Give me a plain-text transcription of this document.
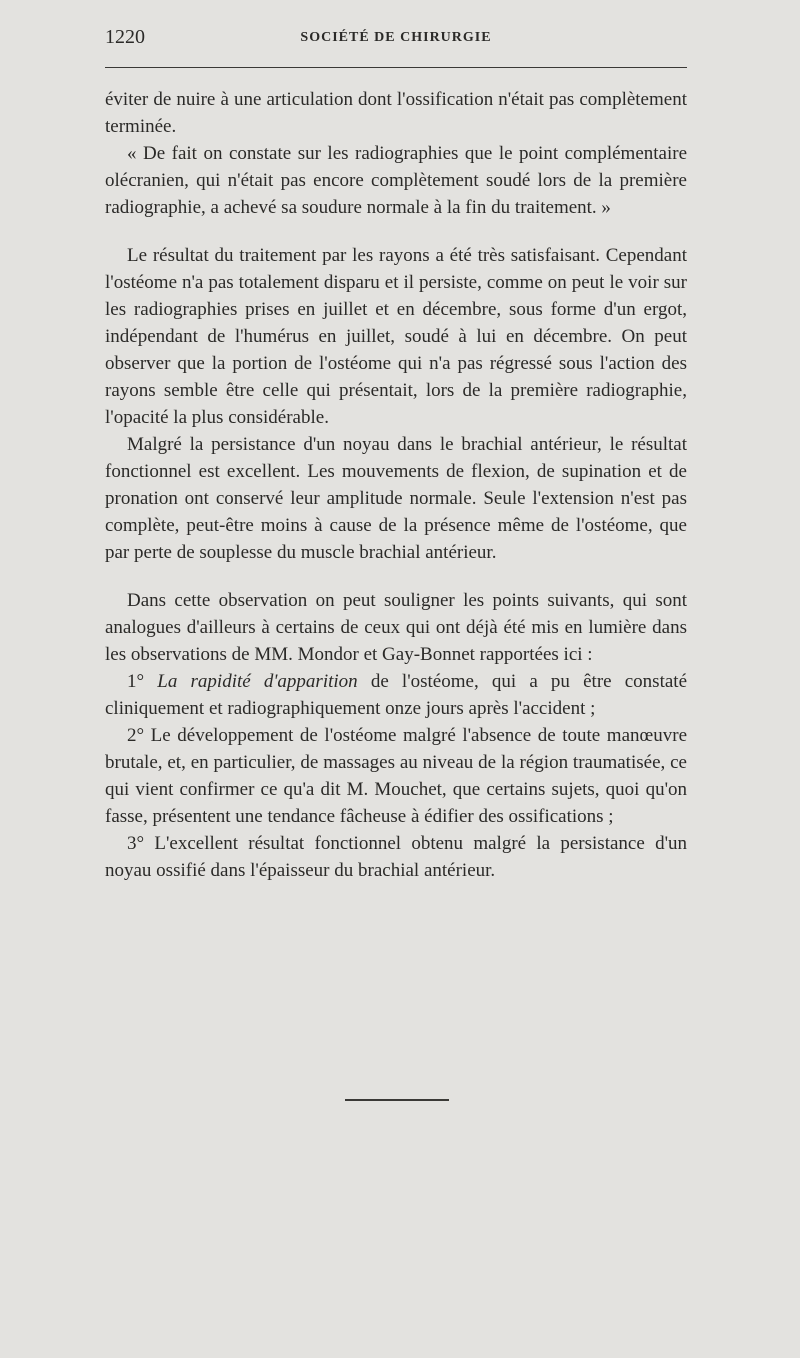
1220	SOCIÉTÉ DE CHIRURGIE

éviter de nuire à une articulation dont l'ossification n'était pas complètement terminée.

« De fait on constate sur les radiographies que le point complémentaire olécranien, qui n'était pas encore complètement soudé lors de la première radiographie, a achevé sa soudure normale à la fin du traitement. »

Le résultat du traitement par les rayons a été très satisfaisant. Cependant l'ostéome n'a pas totalement disparu et il persiste, comme on peut le voir sur les radiographies prises en juillet et en décembre, sous forme d'un ergot, indépendant de l'humérus en juillet, soudé à lui en décembre. On peut observer que la portion de l'ostéome qui n'a pas régressé sous l'action des rayons semble être celle qui présentait, lors de la première radiographie, l'opacité la plus considérable.

Malgré la persistance d'un noyau dans le brachial antérieur, le résultat fonctionnel est excellent. Les mouvements de flexion, de supination et de pronation ont conservé leur amplitude normale. Seule l'extension n'est pas complète, peut-être moins à cause de la présence même de l'ostéome, que par perte de souplesse du muscle brachial antérieur.

Dans cette observation on peut souligner les points suivants, qui sont analogues d'ailleurs à certains de ceux qui ont déjà été mis en lumière dans les observations de MM. Mondor et Gay-Bonnet rapportées ici :

1° La rapidité d'apparition de l'ostéome, qui a pu être constaté cliniquement et radiographiquement onze jours après l'accident ;

2° Le développement de l'ostéome malgré l'absence de toute manœuvre brutale, et, en particulier, de massages au niveau de la région traumatisée, ce qui vient confirmer ce qu'a dit M. Mouchet, que certains sujets, quoi qu'on fasse, présentent une tendance fâcheuse à édifier des ossifications ;

3° L'excellent résultat fonctionnel obtenu malgré la persistance d'un noyau ossifié dans l'épaisseur du brachial antérieur.
